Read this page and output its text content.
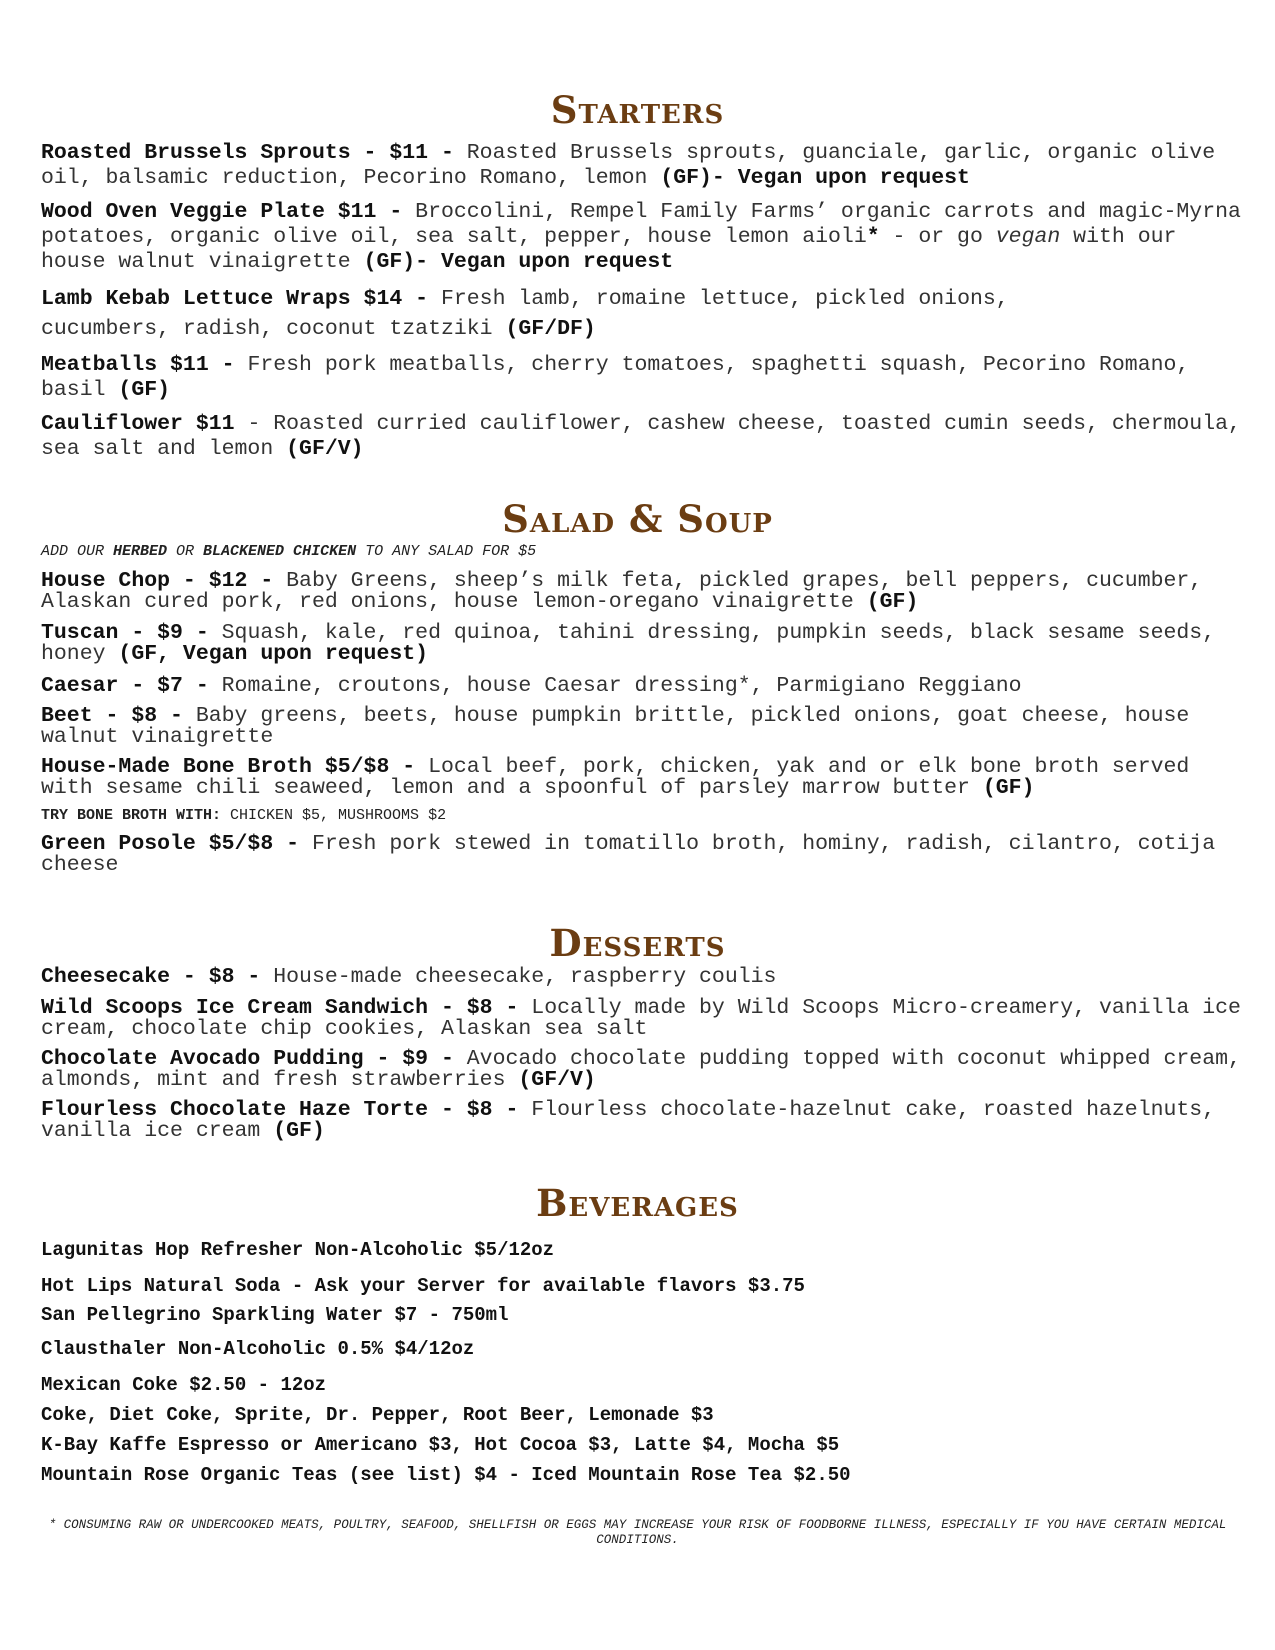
Starters

Roasted Brussels Sprouts - $11 - Roasted Brussels sprouts, guanciale, garlic, organic olive oil, balsamic reduction, Pecorino Romano, lemon (GF)- Vegan upon request

Wood Oven Veggie Plate $11 - Broccolini, Rempel Family Farms’ organic carrots and magic-Myrna potatoes, organic olive oil, sea salt, pepper, house lemon aioli* - or go vegan with our house walnut vinaigrette (GF)- Vegan upon request

Lamb Kebab Lettuce Wraps $14 - Fresh lamb, romaine lettuce, pickled onions,
cucumbers, radish, coconut tzatziki (GF/DF)

Meatballs $11 - Fresh pork meatballs, cherry tomatoes, spaghetti squash, Pecorino Romano, basil (GF)

Cauliflower $11 - Roasted curried cauliflower, cashew cheese, toasted cumin seeds, chermoula, sea salt and lemon (GF/V)

Salad & Soup

ADD OUR HERBED OR BLACKENED CHICKEN TO ANY SALAD FOR $5

House Chop - $12 - Baby Greens, sheep’s milk feta, pickled grapes, bell peppers, cucumber, Alaskan cured pork, red onions, house lemon-oregano vinaigrette (GF)

Tuscan - $9 - Squash, kale, red quinoa, tahini dressing, pumpkin seeds, black sesame seeds, honey (GF, Vegan upon request)

Caesar - $7 - Romaine, croutons, house Caesar dressing*, Parmigiano Reggiano

Beet - $8 - Baby greens, beets, house pumpkin brittle, pickled onions, goat cheese, house walnut vinaigrette

House-Made Bone Broth $5/$8 - Local beef, pork, chicken, yak and or elk bone broth served with sesame chili seaweed, lemon and a spoonful of parsley marrow butter (GF)

TRY BONE BROTH WITH: CHICKEN $5, MUSHROOMS $2

Green Posole $5/$8 - Fresh pork stewed in tomatillo broth, hominy, radish, cilantro, cotija cheese

Desserts

Cheesecake - $8 - House-made cheesecake, raspberry coulis

Wild Scoops Ice Cream Sandwich - $8 - Locally made by Wild Scoops Micro-creamery, vanilla ice cream, chocolate chip cookies, Alaskan sea salt

Chocolate Avocado Pudding - $9 - Avocado chocolate pudding topped with coconut whipped cream, almonds, mint and fresh strawberries (GF/V)

Flourless Chocolate Haze Torte - $8 - Flourless chocolate-hazelnut cake, roasted hazelnuts, vanilla ice cream (GF)

Beverages

Lagunitas Hop Refresher Non-Alcoholic $5/12oz

Hot Lips Natural Soda - Ask your Server for available flavors $3.75

San Pellegrino Sparkling Water $7 - 750ml

Clausthaler Non-Alcoholic 0.5% $4/12oz

Mexican Coke $2.50 - 12oz

Coke, Diet Coke, Sprite, Dr. Pepper, Root Beer, Lemonade $3

K-Bay Kaffe Espresso or Americano $3, Hot Cocoa $3, Latte $4, Mocha $5

Mountain Rose Organic Teas (see list) $4 - Iced Mountain Rose Tea $2.50

* CONSUMING RAW OR UNDERCOOKED MEATS, POULTRY, SEAFOOD, SHELLFISH OR EGGS MAY INCREASE YOUR RISK OF FOODBORNE ILLNESS, ESPECIALLY IF YOU HAVE CERTAIN MEDICAL CONDITIONS.
